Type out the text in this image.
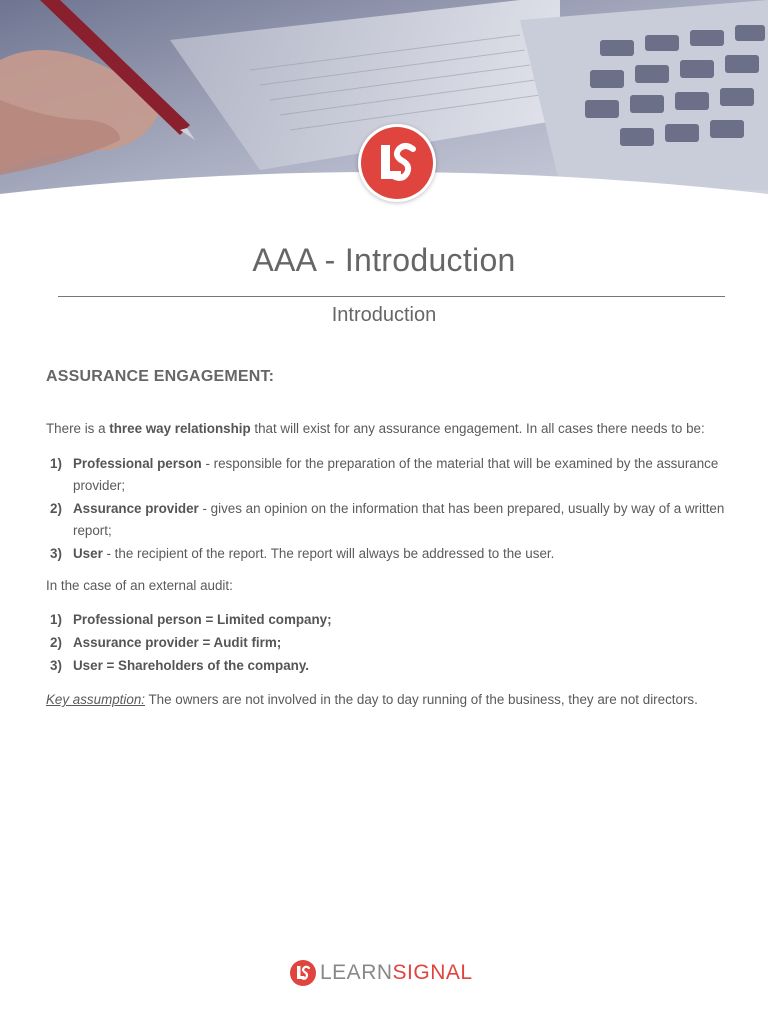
AAA - Introduction
Introduction
ASSURANCE ENGAGEMENT:
There is a three way relationship that will exist for any assurance engagement. In all cases there needs to be:
1) Professional person - responsible for the preparation of the material that will be examined by the assurance provider;
2) Assurance provider - gives an opinion on the information that has been prepared, usually by way of a written report;
3) User - the recipient of the report. The report will always be addressed to the user.
In the case of an external audit:
1) Professional person = Limited company;
2) Assurance provider = Audit firm;
3) User = Shareholders of the company.
Key assumption: The owners are not involved in the day to day running of the business, they are not directors.
LEARNSIGNAL
